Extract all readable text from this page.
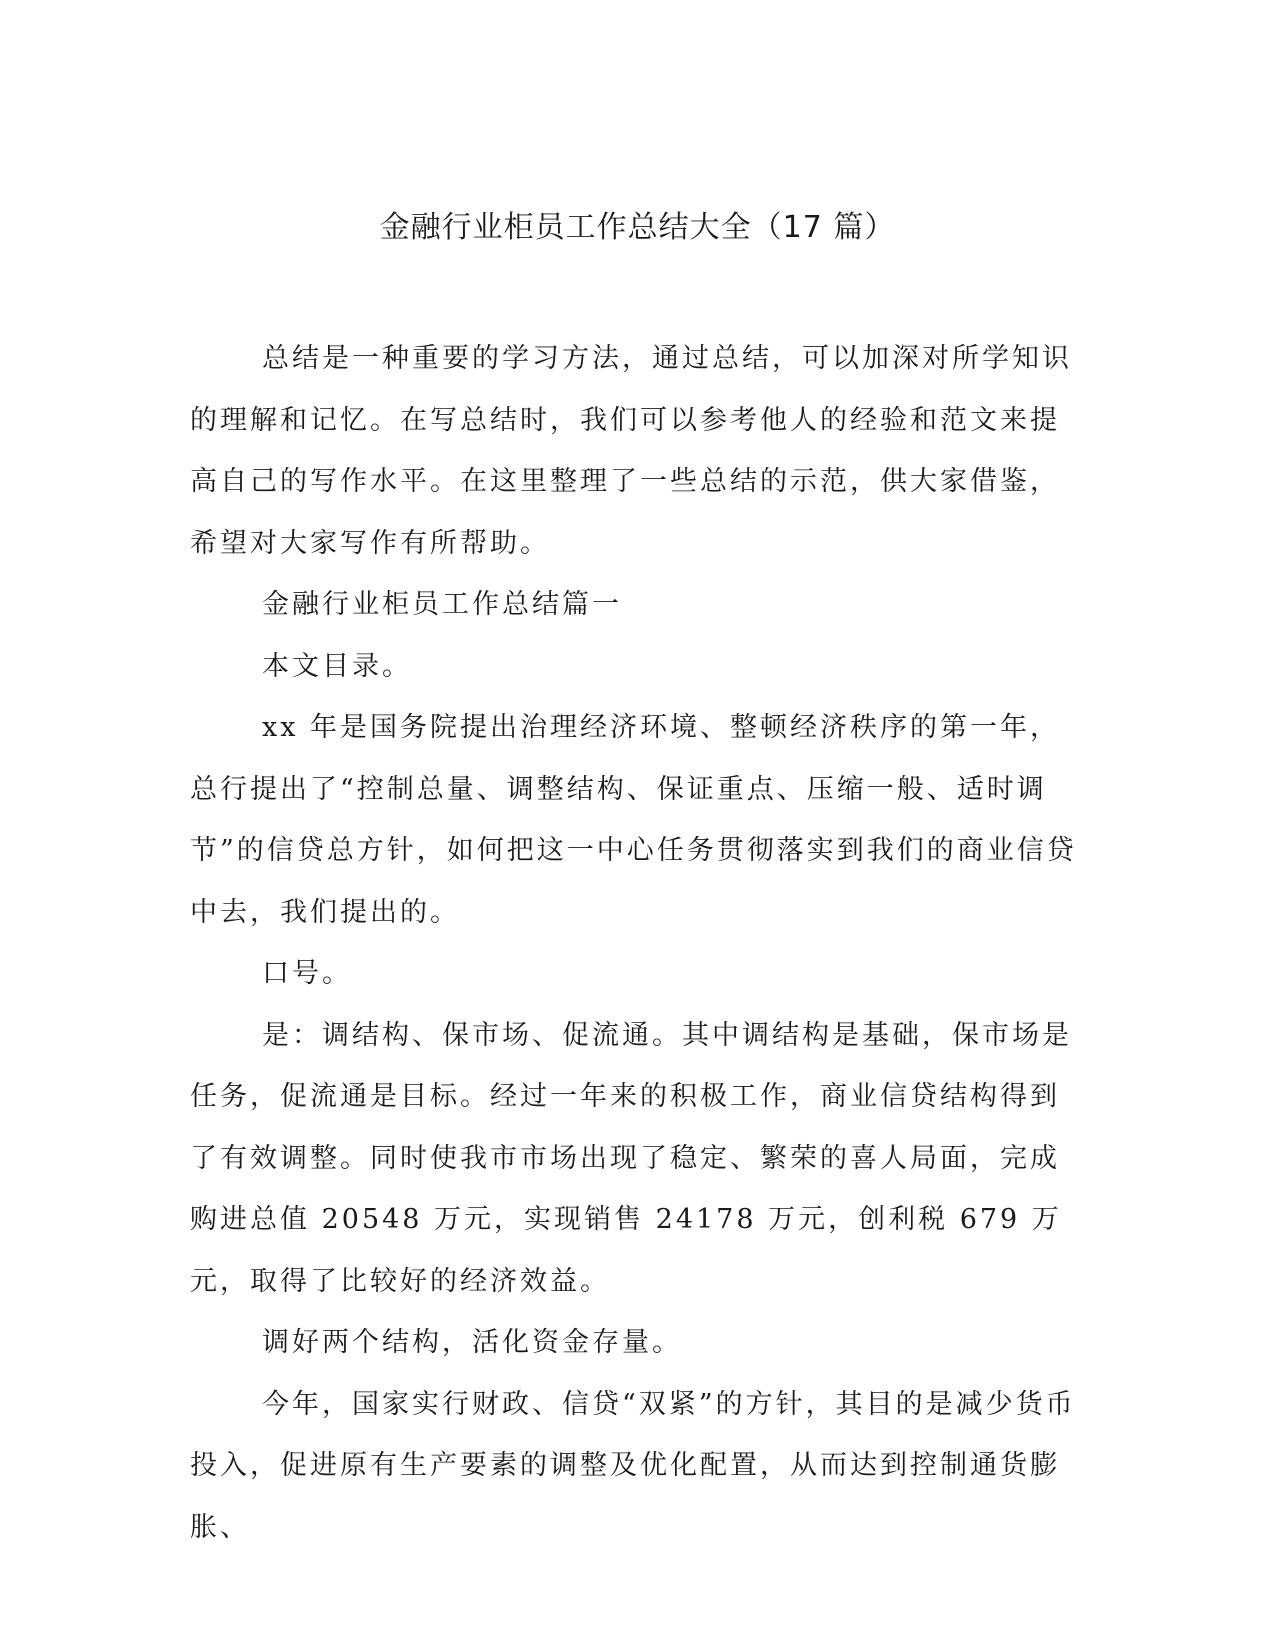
金融行业柜员工作总结大全（17 篇）

总结是一种重要的学习方法，通过总结，可以加深对所学知识的理解和记忆。在写总结时，我们可以参考他人的经验和范文来提高自己的写作水平。在这里整理了一些总结的示范，供大家借鉴，希望对大家写作有所帮助。

金融行业柜员工作总结篇一

本文目录。

xx 年是国务院提出治理经济环境、整顿经济秩序的第一年，总行提出了“控制总量、调整结构、保证重点、压缩一般、适时调节”的信贷总方针，如何把这一中心任务贯彻落实到我们的商业信贷中去，我们提出的。

口号。

是：调结构、保市场、促流通。其中调结构是基础，保市场是任务，促流通是目标。经过一年来的积极工作，商业信贷结构得到了有效调整。同时使我市市场出现了稳定、繁荣的喜人局面，完成购进总值 20548 万元，实现销售 24178 万元，创利税 679 万元，取得了比较好的经济效益。

调好两个结构，活化资金存量。

今年，国家实行财政、信贷“双紧”的方针，其目的是减少货币投入，促进原有生产要素的调整及优化配置，从而达到控制通货膨胀、
